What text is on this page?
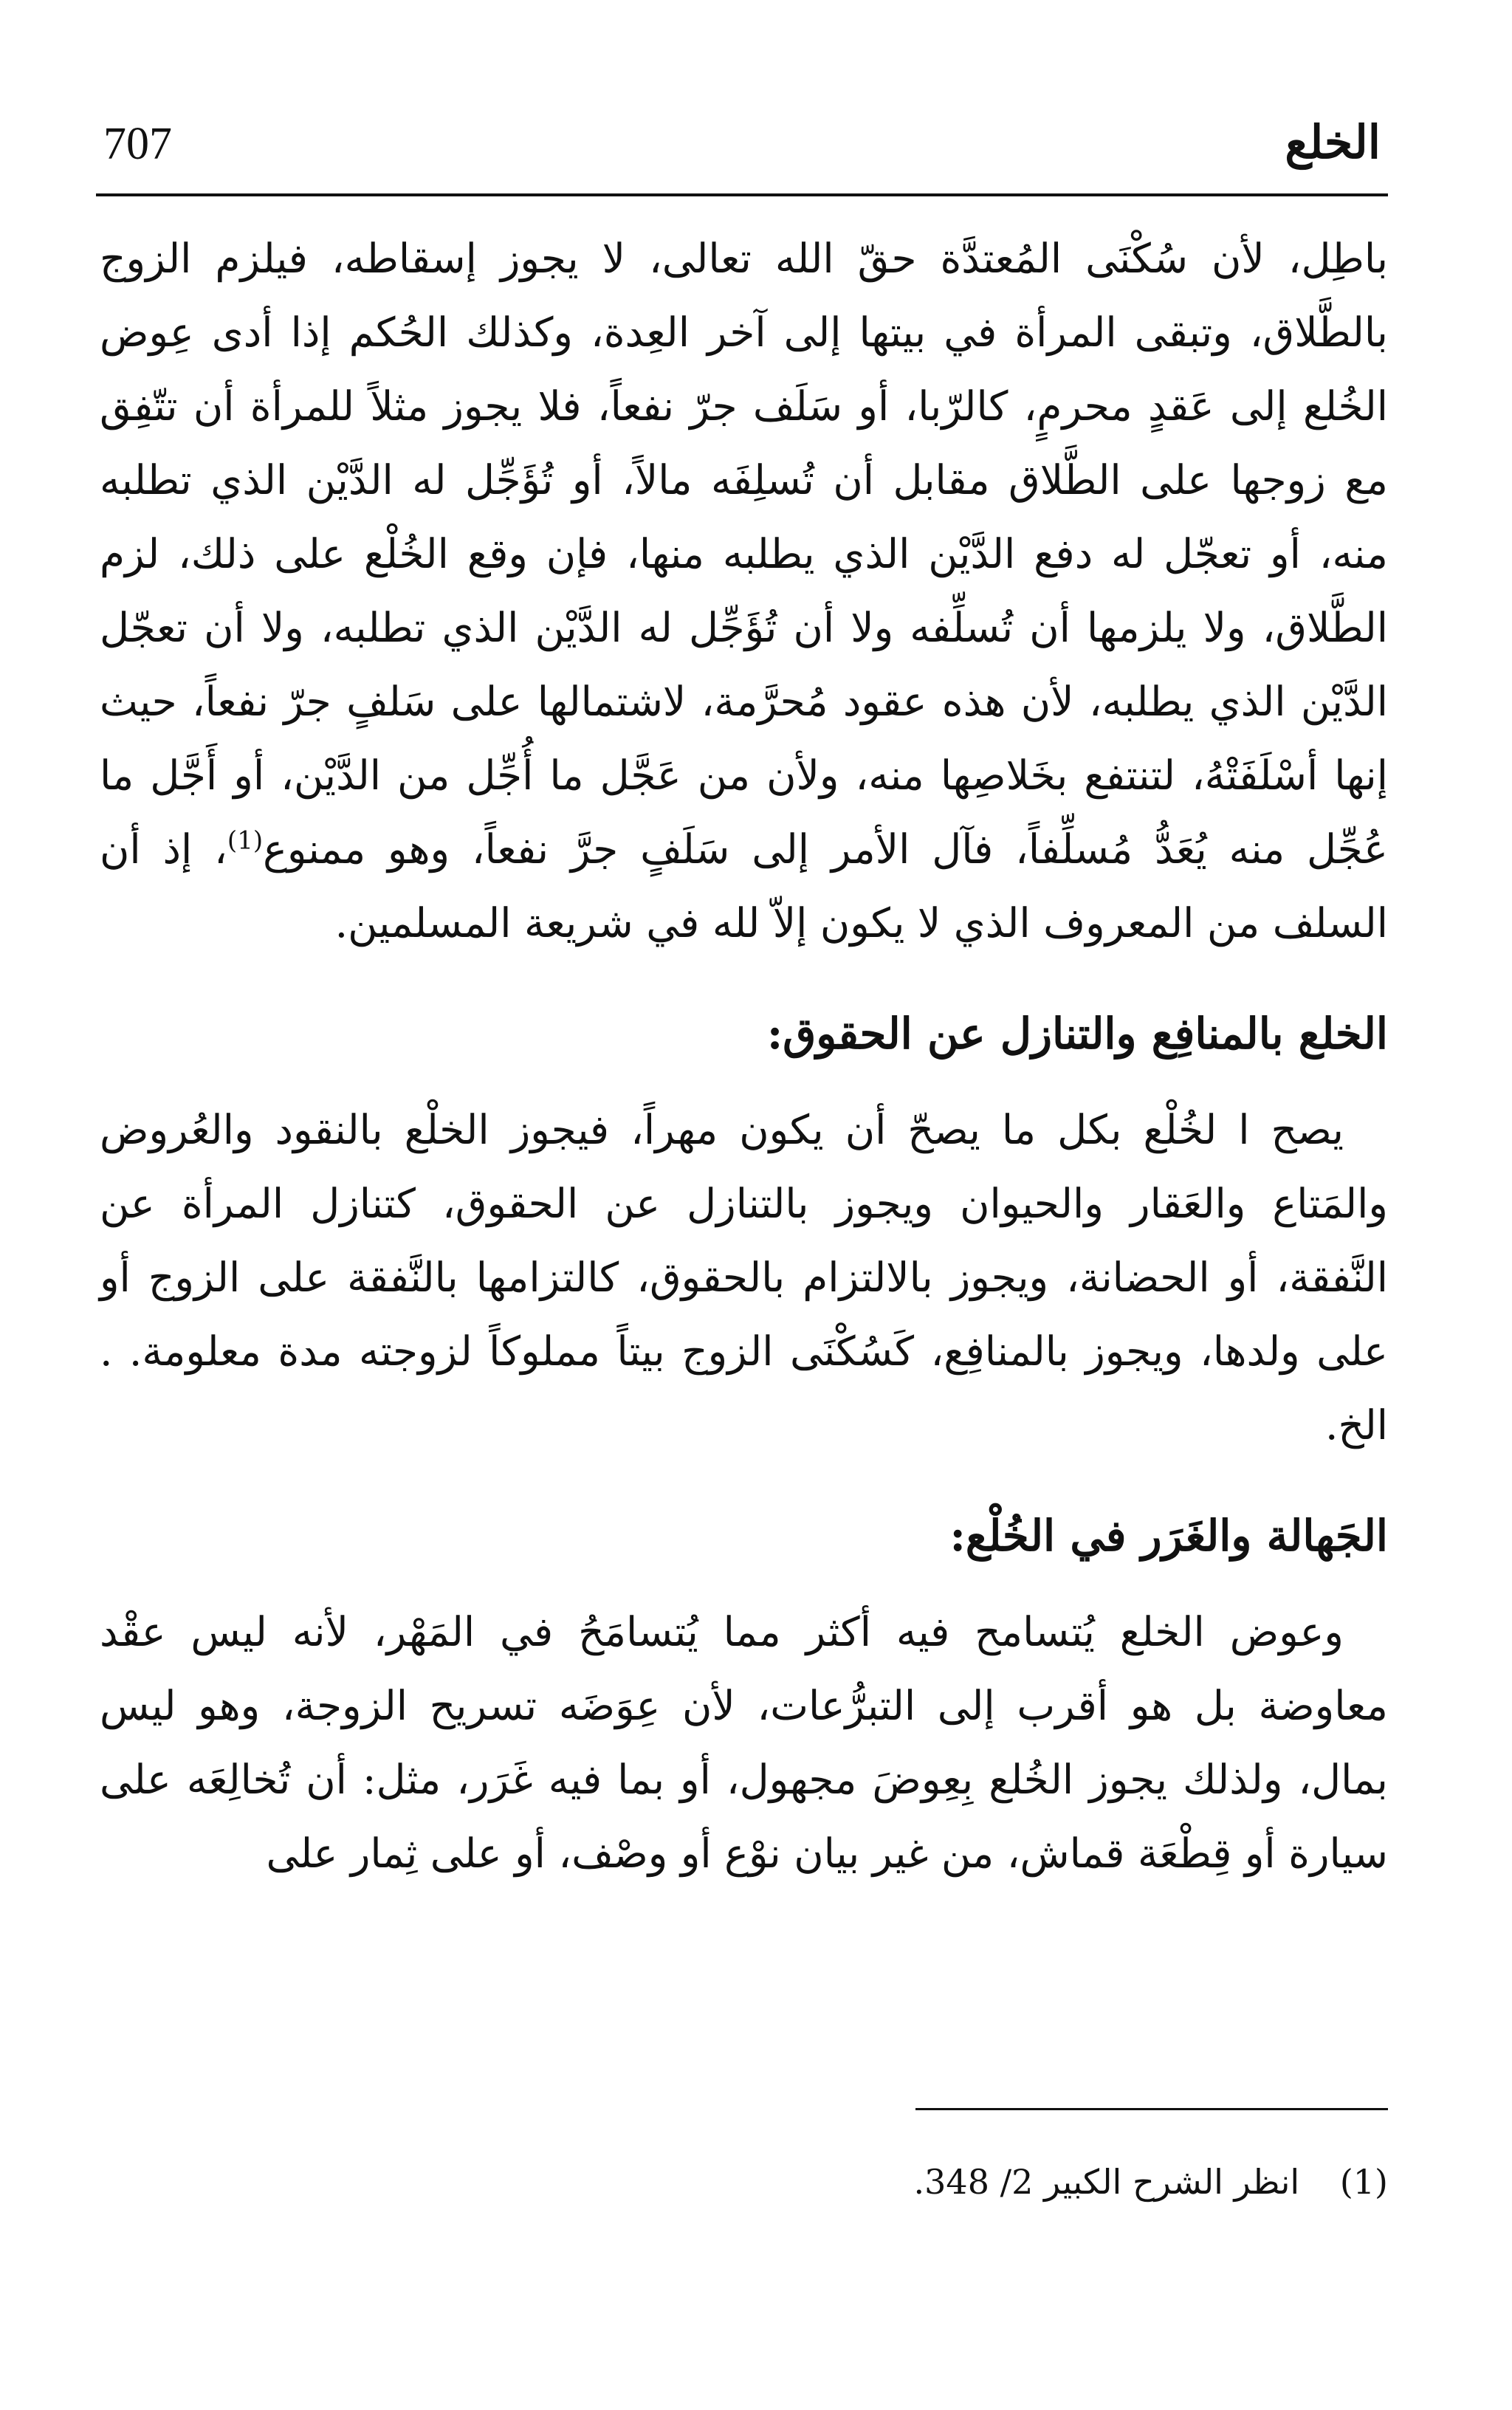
707	الخلع

باطِل، لأن سُكْنَى المُعتدَّة حقّ الله تعالى، لا يجوز إسقاطه، فيلزم الزوج بالطَّلاق، وتبقى المرأة في بيتها إلى آخر العِدة، وكذلك الحُكم إذا أدى عِوض الخُلع إلى عَقدٍ محرمٍ، كالرّبا، أو سَلَف جرّ نفعاً، فلا يجوز مثلاً للمرأة أن تتّفِق مع زوجها على الطَّلاق مقابل أن تُسلِفَه مالاً، أو تُؤَجِّل له الدَّيْن الذي تطلبه منه، أو تعجّل له دفع الدَّيْن الذي يطلبه منها، فإن وقع الخُلْع على ذلك، لزم الطَّلاق، ولا يلزمها أن تُسلِّفه ولا أن تُؤَجِّل له الدَّيْن الذي تطلبه، ولا أن تعجّل الدَّيْن الذي يطلبه، لأن هذه عقود مُحرَّمة، لاشتمالها على سَلفٍ جرّ نفعاً، حيث إنها أسْلَفَتْهُ، لتنتفع بخَلاصِها منه، ولأن من عَجَّل ما أُجِّل من الدَّيْن، أو أَجَّل ما عُجِّل منه يُعَدُّ مُسلِّفاً، فآل الأمر إلى سَلَفٍ جرَّ نفعاً، وهو ممنوع$^{(1)}$، إذ أن السلف من المعروف الذي لا يكون إلاّ لله في شريعة المسلمين.

الخلع بالمنافِع والتنازل عن الحقوق:

يصح ا لخُلْع بكل ما يصحّ أن يكون مهراً، فيجوز الخلْع بالنقود والعُروض والمَتاع والعَقار والحيوان ويجوز بالتنازل عن الحقوق، كتنازل المرأة عن النَّفقة، أو الحضانة، ويجوز بالالتزام بالحقوق، كالتزامها بالنَّفقة على الزوج أو على ولدها، ويجوز بالمنافِع، كَسُكْنَى الزوج بيتاً مملوكاً لزوجته مدة معلومة. . الخ.

الجَهالة والغَرَر في الخُلْع:

وعوض الخلع يُتسامح فيه أكثر مما يُتسامَحُ في المَهْر، لأنه ليس عقْد معاوضة بل هو أقرب إلى التبرُّعات، لأن عِوَضَه تسريح الزوجة، وهو ليس بمال، ولذلك يجوز الخُلع بِعِوضَ مجهول، أو بما فيه غَرَر، مثل: أن تُخالِعَه على سيارة أو قِطْعَة قماش، من غير بيان نوْع أو وصْف، أو على ثِمار على

(1) انظر الشرح الكبير 2/ 348.
